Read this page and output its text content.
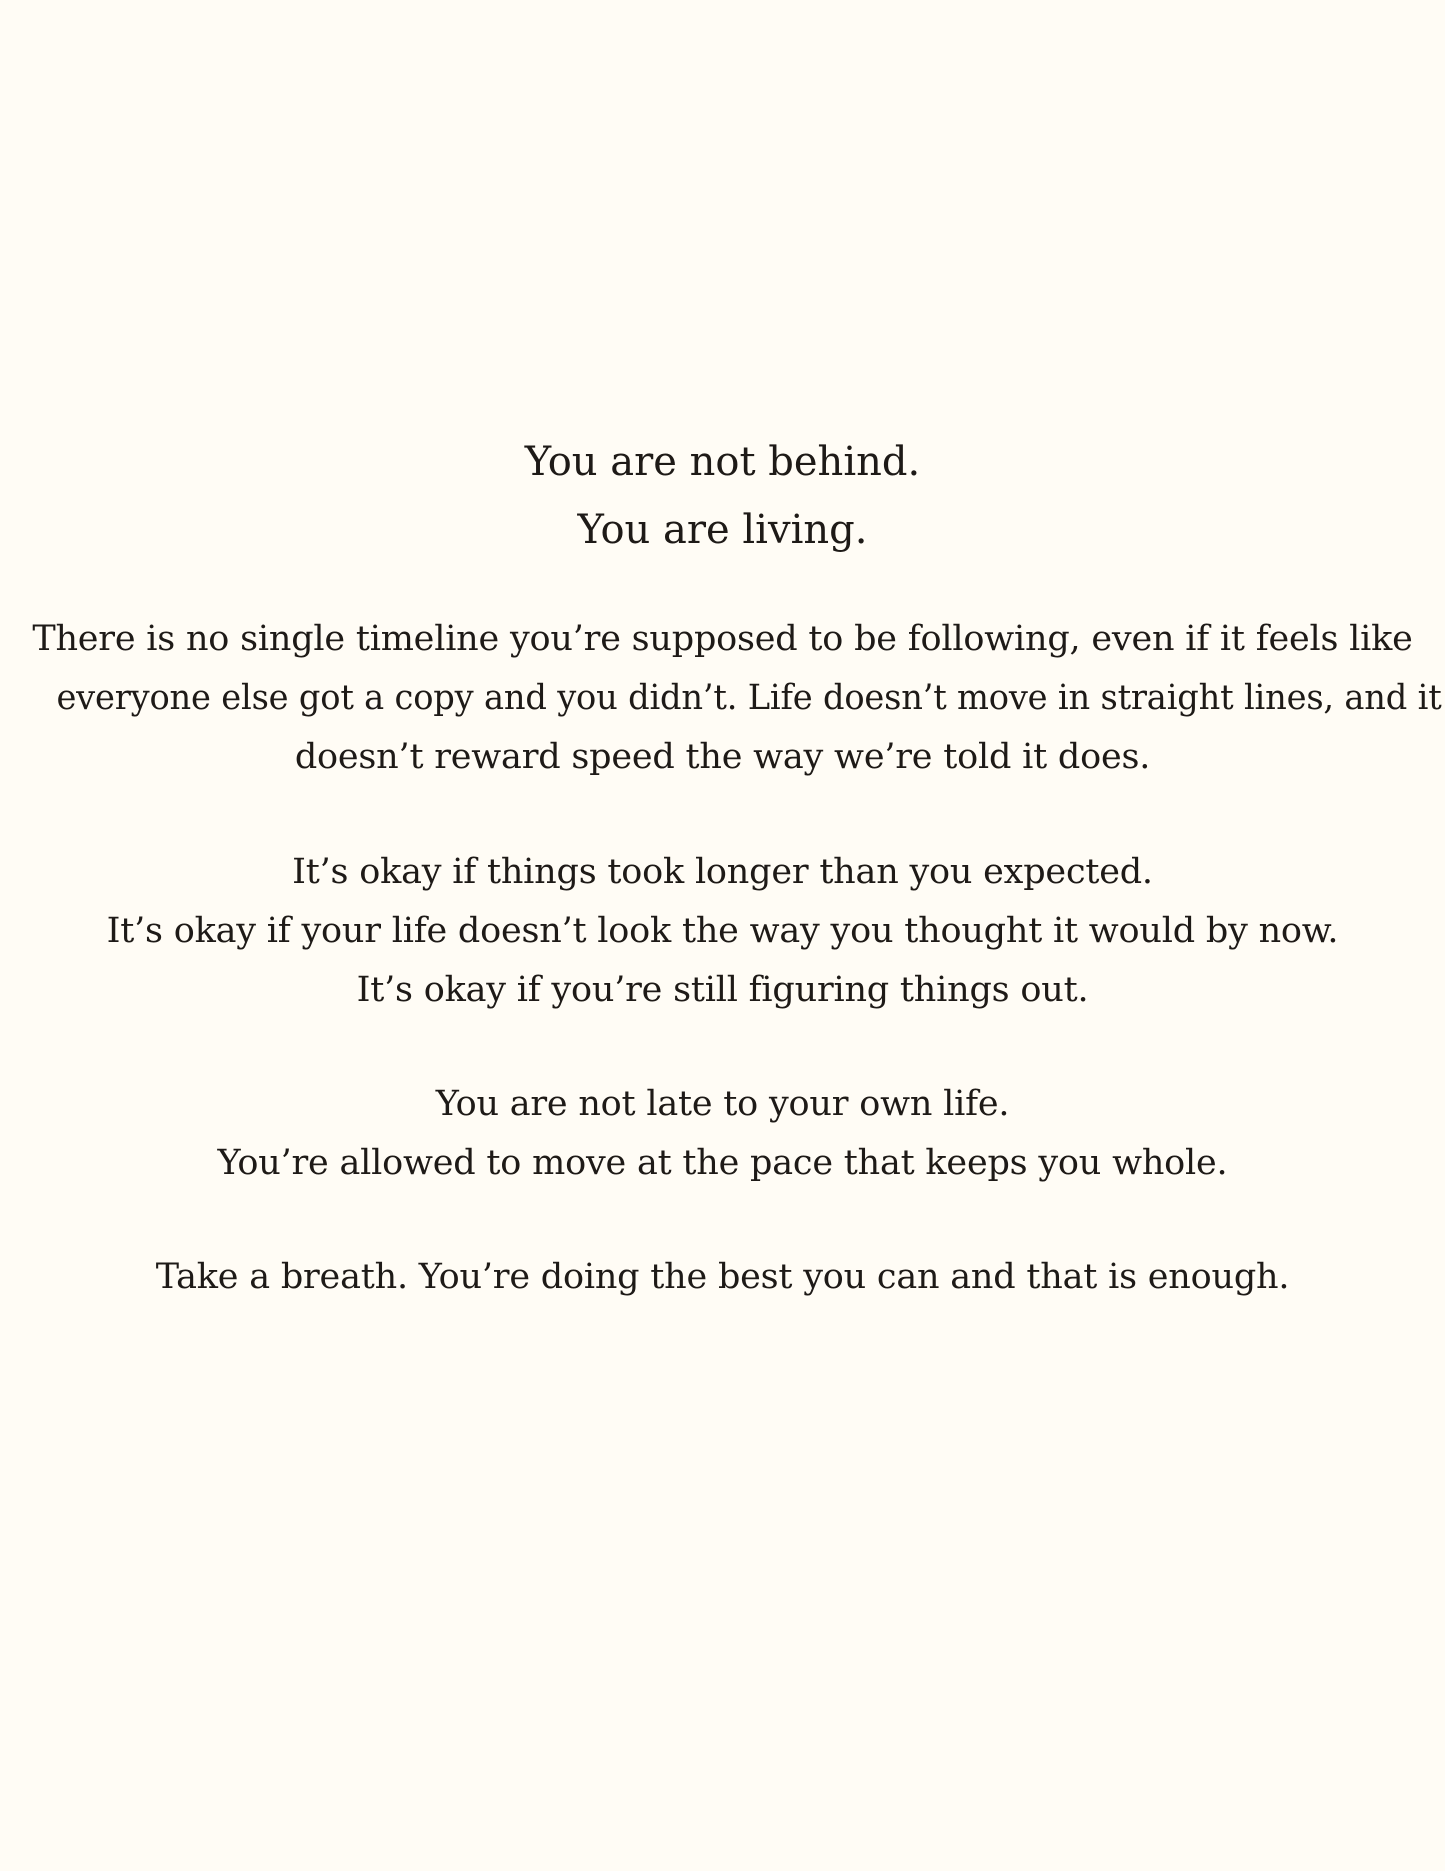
You are not behind.
You are living.
There is no single timeline you’re supposed to be following, even if it feels like
everyone else got a copy and you didn’t. Life doesn’t move in straight lines, and it
doesn’t reward speed the way we’re told it does.
It’s okay if things took longer than you expected.
It’s okay if your life doesn’t look the way you thought it would by now.
It’s okay if you’re still figuring things out.
You are not late to your own life.
You’re allowed to move at the pace that keeps you whole.
Take a breath. You’re doing the best you can and that is enough.
